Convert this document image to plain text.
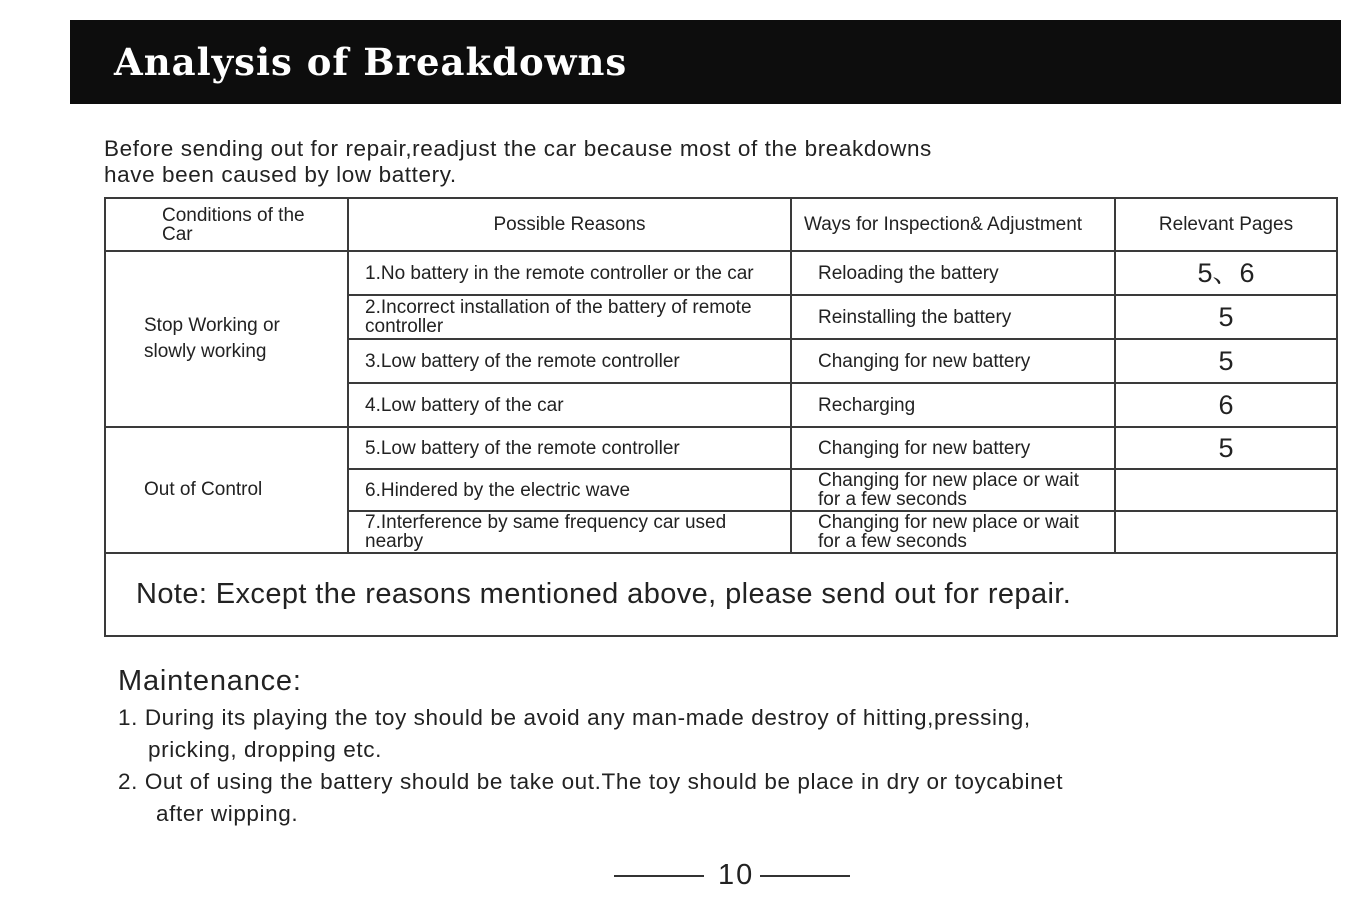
Analysis of Breakdowns
Before sending out for repair,readjust the car because most of the breakdowns
have been caused by low battery.
Conditions of the Car	Possible Reasons	Ways for Inspection& Adjustment	Relevant Pages
Stop Working or slowly working	1.No battery in the remote controller or the car	Reloading the battery	5、6
	2.Incorrect installation of the battery of remote controller	Reinstalling the battery	5
	3.Low battery of the remote controller	Changing for new battery	5
	4.Low battery of the car	Recharging	6
Out of Control	5.Low battery of the remote controller	Changing for new battery	5
	6.Hindered by the electric wave	Changing for new place or wait for a few seconds	
	7.Interference by same frequency car used nearby	Changing for new place or wait for a few seconds	
Note: Except the reasons mentioned above, please send out for repair.			
Maintenance:
1. During its playing the toy should be avoid any man-made destroy of hitting,pressing,
pricking, dropping etc.
2. Out of using the battery should be take out.The toy should be place in dry or toycabinet
after wipping.
10
